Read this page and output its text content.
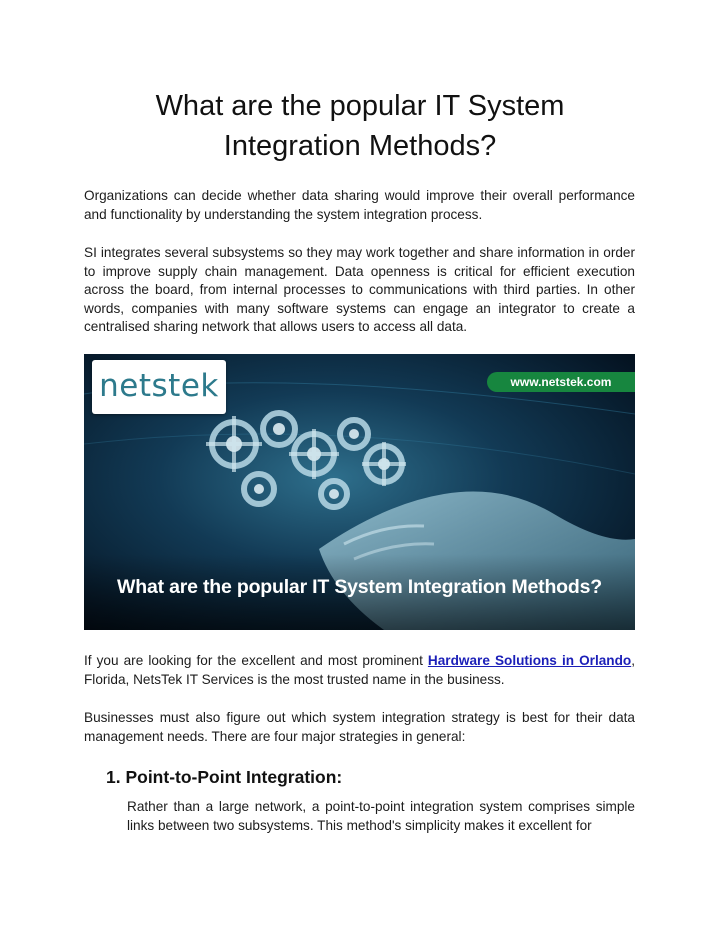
What are the popular IT System Integration Methods?

Organizations can decide whether data sharing would improve their overall performance and functionality by understanding the system integration process.

SI integrates several subsystems so they may work together and share information in order to improve supply chain management. Data openness is critical for efficient execution across the board, from internal processes to communications with third parties. In other words, companies with many software systems can engage an integrator to create a centralised sharing network that allows users to access all data.

netstek	www.netstek.com
What are the popular IT System Integration Methods?

If you are looking for the excellent and most prominent Hardware Solutions in Orlando, Florida, NetsTek IT Services is the most trusted name in the business.

Businesses must also figure out which system integration strategy is best for their data management needs. There are four major strategies in general:

1. Point-to-Point Integration:

Rather than a large network, a point-to-point integration system comprises simple links between two subsystems. This method's simplicity makes it excellent for
